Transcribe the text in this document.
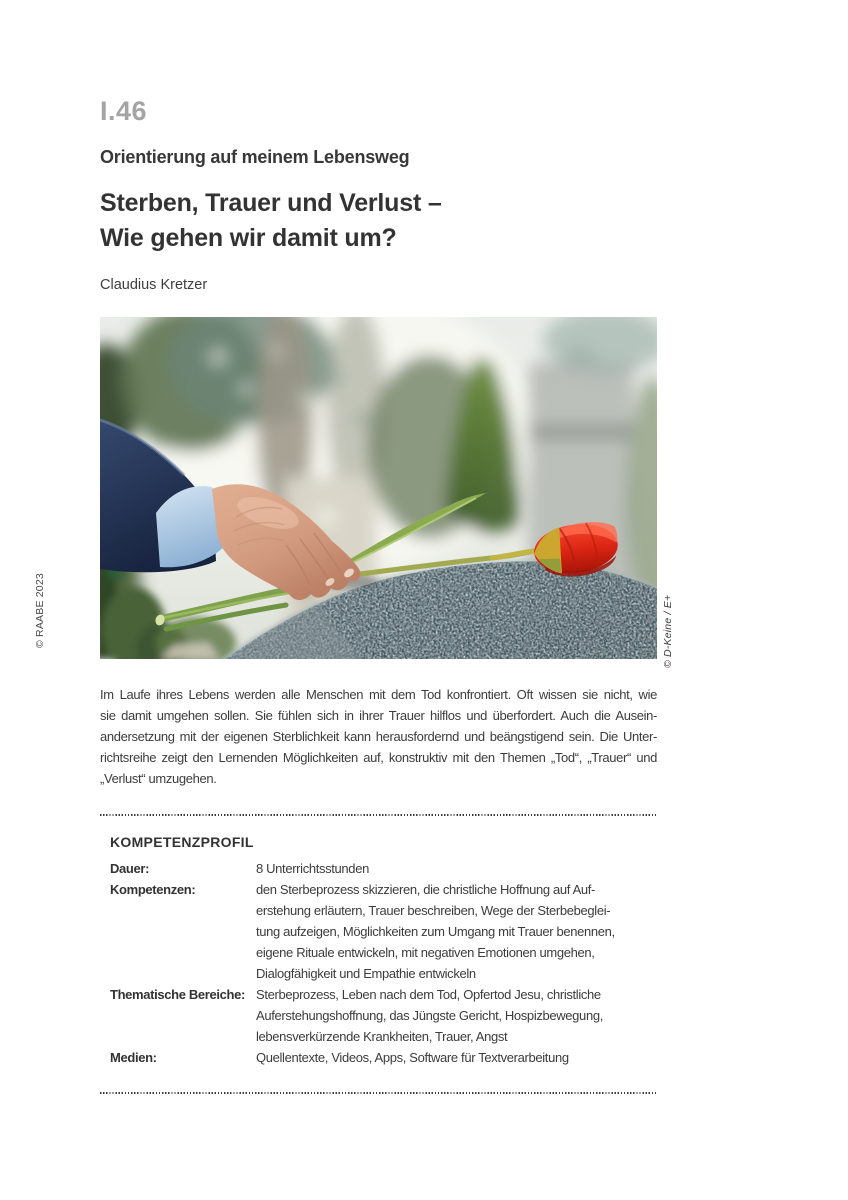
I.46
Orientierung auf meinem Lebensweg
Sterben, Trauer und Verlust –
Wie gehen wir damit um?
Claudius Kretzer
© RAABE 2023	© D-Keine / E+
Im Laufe ihres Lebens werden alle Menschen mit dem Tod konfrontiert. Oft wissen sie nicht, wie
sie damit umgehen sollen. Sie fühlen sich in ihrer Trauer hilflos und überfordert. Auch die Ausein-
andersetzung mit der eigenen Sterblichkeit kann herausfordernd und beängstigend sein. Die Unter-
richtsreihe zeigt den Lernenden Möglichkeiten auf, konstruktiv mit den Themen „Tod“, „Trauer“ und
„Verlust“ umzugehen.
KOMPETENZPROFIL
Dauer:	8 Unterrichtsstunden
Kompetenzen:	den Sterbeprozess skizzieren, die christliche Hoffnung auf Auf-
erstehung erläutern, Trauer beschreiben, Wege der Sterbebeglei-
tung aufzeigen, Möglichkeiten zum Umgang mit Trauer benennen,
eigene Rituale entwickeln, mit negativen Emotionen umgehen,
Dialogfähigkeit und Empathie entwickeln
Thematische Bereiche: Sterbeprozess, Leben nach dem Tod, Opfertod Jesu, christliche
Auferstehungshoffnung, das Jüngste Gericht, Hospizbewegung,
lebensverkürzende Krankheiten, Trauer, Angst
Medien:	Quellentexte, Videos, Apps, Software für Textverarbeitung
